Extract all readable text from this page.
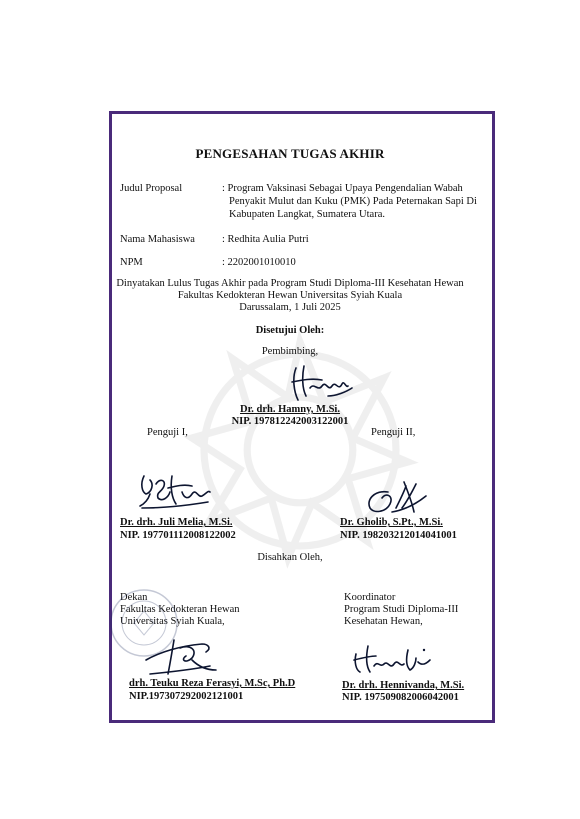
PENGESAHAN TUGAS AKHIR
Judul Proposal	: Program Vaksinasi Sebagai Upaya Pengendalian Wabah
Penyakit Mulut dan Kuku (PMK) Pada Peternakan Sapi Di
Kabupaten Langkat, Sumatera Utara.
Nama Mahasiswa	: Redhita Aulia Putri
NPM	: 2202001010010
Dinyatakan Lulus Tugas Akhir pada Program Studi Diploma-III Kesehatan Hewan
Fakultas Kedokteran Hewan Universitas Syiah Kuala
Darussalam, 1 Juli 2025
Disetujui Oleh:
Pembimbing,
Dr. drh. Hamny, M.Si.
NIP. 197812242003122001
Penguji I,	Penguji II,
Dr. drh. Juli Melia, M.Si.
NIP. 197701112008122002
Dr. Gholib, S.Pt., M.Si.
NIP. 198203212014041001
Disahkan Oleh,
Dekan
Fakultas Kedokteran Hewan
Universitas Syiah Kuala,
drh. Teuku Reza Ferasyi, M.Sc, Ph.D
NIP.197307292002121001
Koordinator
Program Studi Diploma-III
Kesehatan Hewan,
Dr. drh. Hennivanda, M.Si.
NIP. 197509082006042001
